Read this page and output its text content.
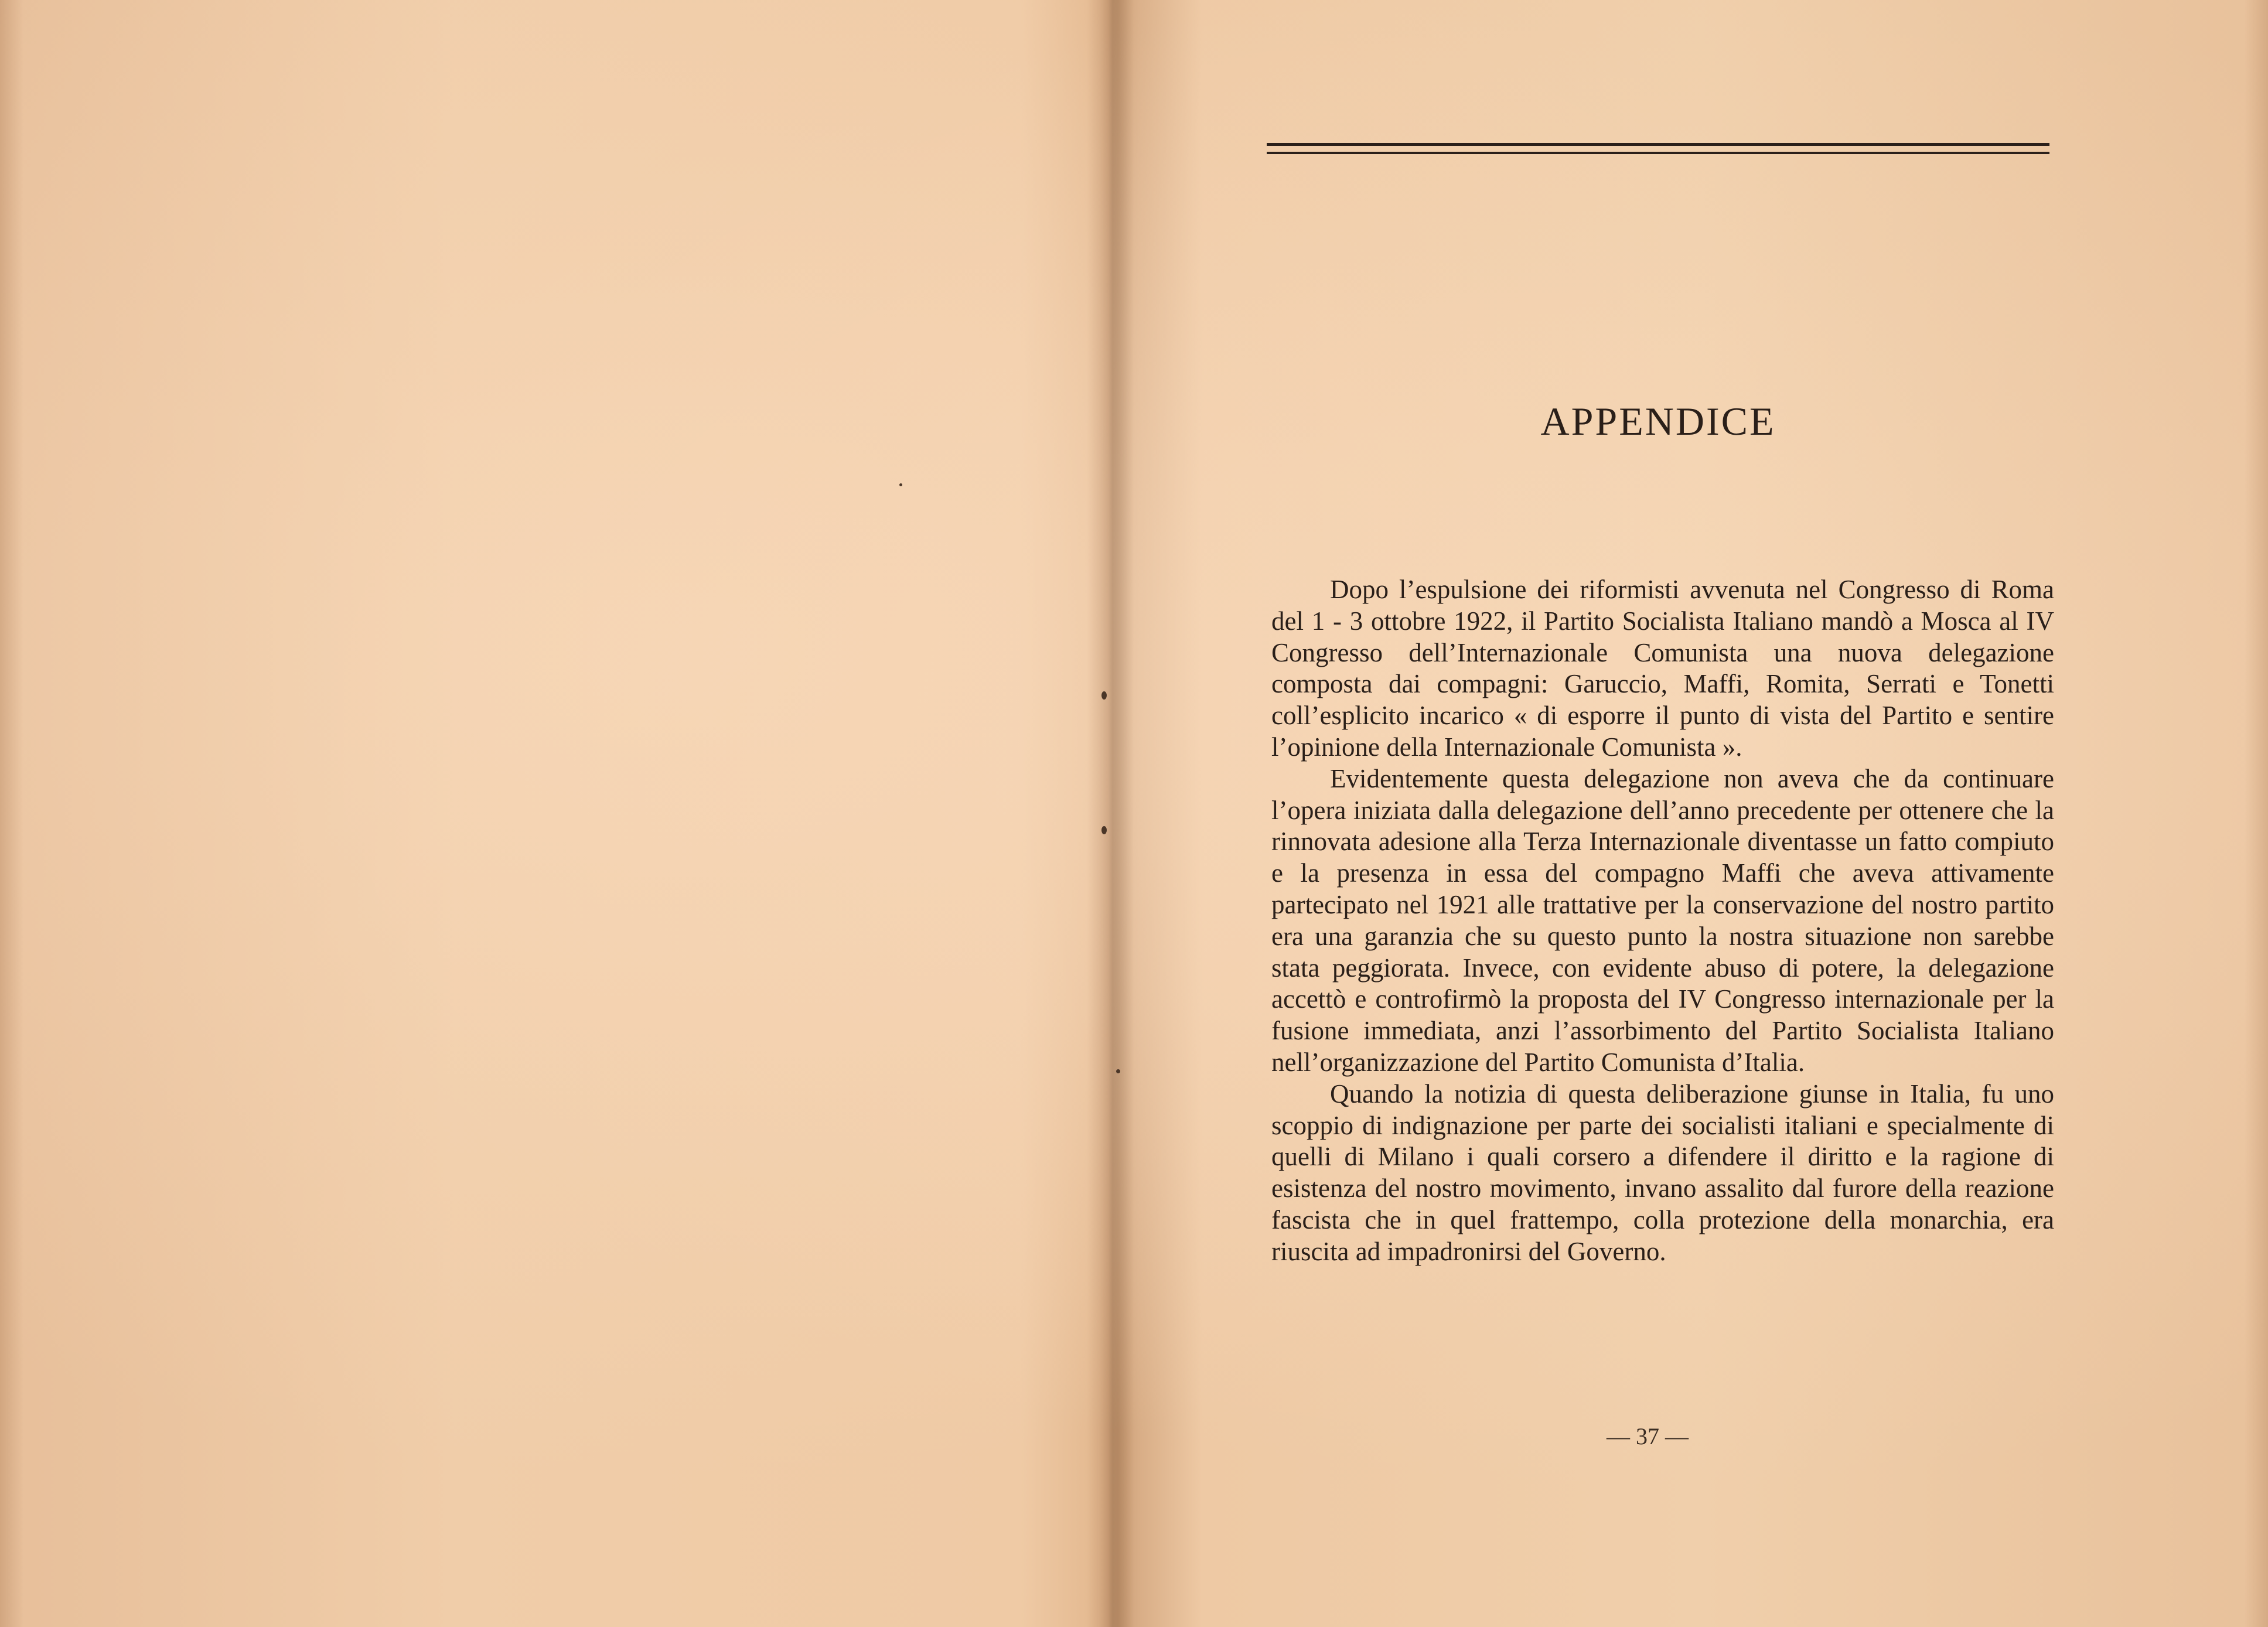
APPENDICE

Dopo l’espulsione dei riformisti avvenuta nel Congresso di Roma del 1 - 3 ottobre 1922, il Partito Socialista Italiano mandò a Mosca al IV Congresso dell’Internazionale Comunista una nuova delegazione composta dai compagni: Garuccio, Maffi, Romita, Serrati e Tonetti coll’esplicito incarico « di esporre il punto di vista del Partito e sentire l’opinione della Internazionale Comunista ».

Evidentemente questa delegazione non aveva che da continuare l’opera iniziata dalla delegazione dell’anno precedente per ottenere che la rinnovata adesione alla Terza Internazionale diventasse un fatto compiuto e la presenza in essa del compagno Maffi che aveva attivamente partecipato nel 1921 alle trattative per la conservazione del nostro partito era una garanzia che su questo punto la nostra situazione non sarebbe stata peggiorata. Invece, con evidente abuso di potere, la delegazione accettò e controfirmò la proposta del IV Congresso internazionale per la fusione immediata, anzi l’assorbimento del Partito Socialista Italiano nell’organizzazione del Partito Comunista d’Italia.

Quando la notizia di questa deliberazione giunse in Italia, fu uno scoppio di indignazione per parte dei socialisti italiani e specialmente di quelli di Milano i quali corsero a difendere il diritto e la ragione di esistenza del nostro movimento, invano assalito dal furore della reazione fascista che in quel frattempo, colla protezione della monarchia, era riuscita ad impadronirsi del Governo.

— 37 —
